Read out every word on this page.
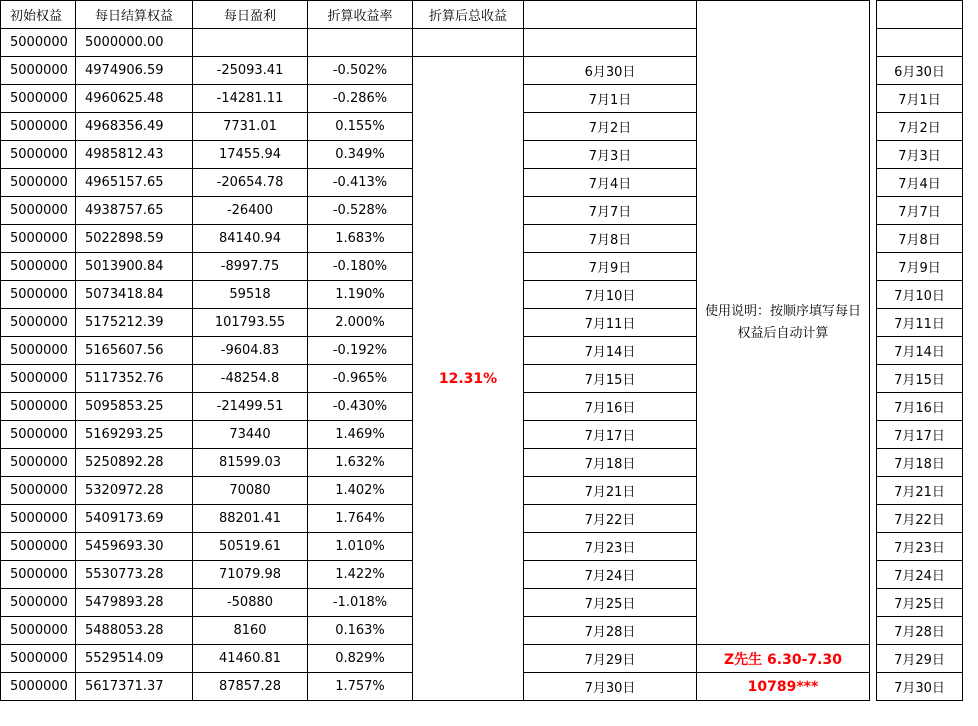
初始权益	每日结算权益	每日盈利	折算收益率	折算后总收益		使用说明：按顺序填写每日权益后自动计算		
5000000	5000000.00							
5000000	4974906.59	-25093.41	-0.502%	12.31%	6月30日			6月30日
5000000	4960625.48	-14281.11	-0.286%		7月1日			7月1日
5000000	4968356.49	7731.01	0.155%		7月2日			7月2日
5000000	4985812.43	17455.94	0.349%		7月3日			7月3日
5000000	4965157.65	-20654.78	-0.413%		7月4日			7月4日
5000000	4938757.65	-26400	-0.528%		7月7日			7月7日
5000000	5022898.59	84140.94	1.683%		7月8日			7月8日
5000000	5013900.84	-8997.75	-0.180%		7月9日			7月9日
5000000	5073418.84	59518	1.190%		7月10日			7月10日
5000000	5175212.39	101793.55	2.000%		7月11日			7月11日
5000000	5165607.56	-9604.83	-0.192%		7月14日			7月14日
5000000	5117352.76	-48254.8	-0.965%		7月15日			7月15日
5000000	5095853.25	-21499.51	-0.430%		7月16日			7月16日
5000000	5169293.25	73440	1.469%		7月17日			7月17日
5000000	5250892.28	81599.03	1.632%		7月18日			7月18日
5000000	5320972.28	70080	1.402%		7月21日			7月21日
5000000	5409173.69	88201.41	1.764%		7月22日			7月22日
5000000	5459693.30	50519.61	1.010%		7月23日			7月23日
5000000	5530773.28	71079.98	1.422%		7月24日			7月24日
5000000	5479893.28	-50880	-1.018%		7月25日			7月25日
5000000	5488053.28	8160	0.163%		7月28日			7月28日
5000000	5529514.09	41460.81	0.829%		7月29日	Z先生 6.30-7.30		7月29日
5000000	5617371.37	87857.28	1.757%		7月30日	10789***		7月30日
